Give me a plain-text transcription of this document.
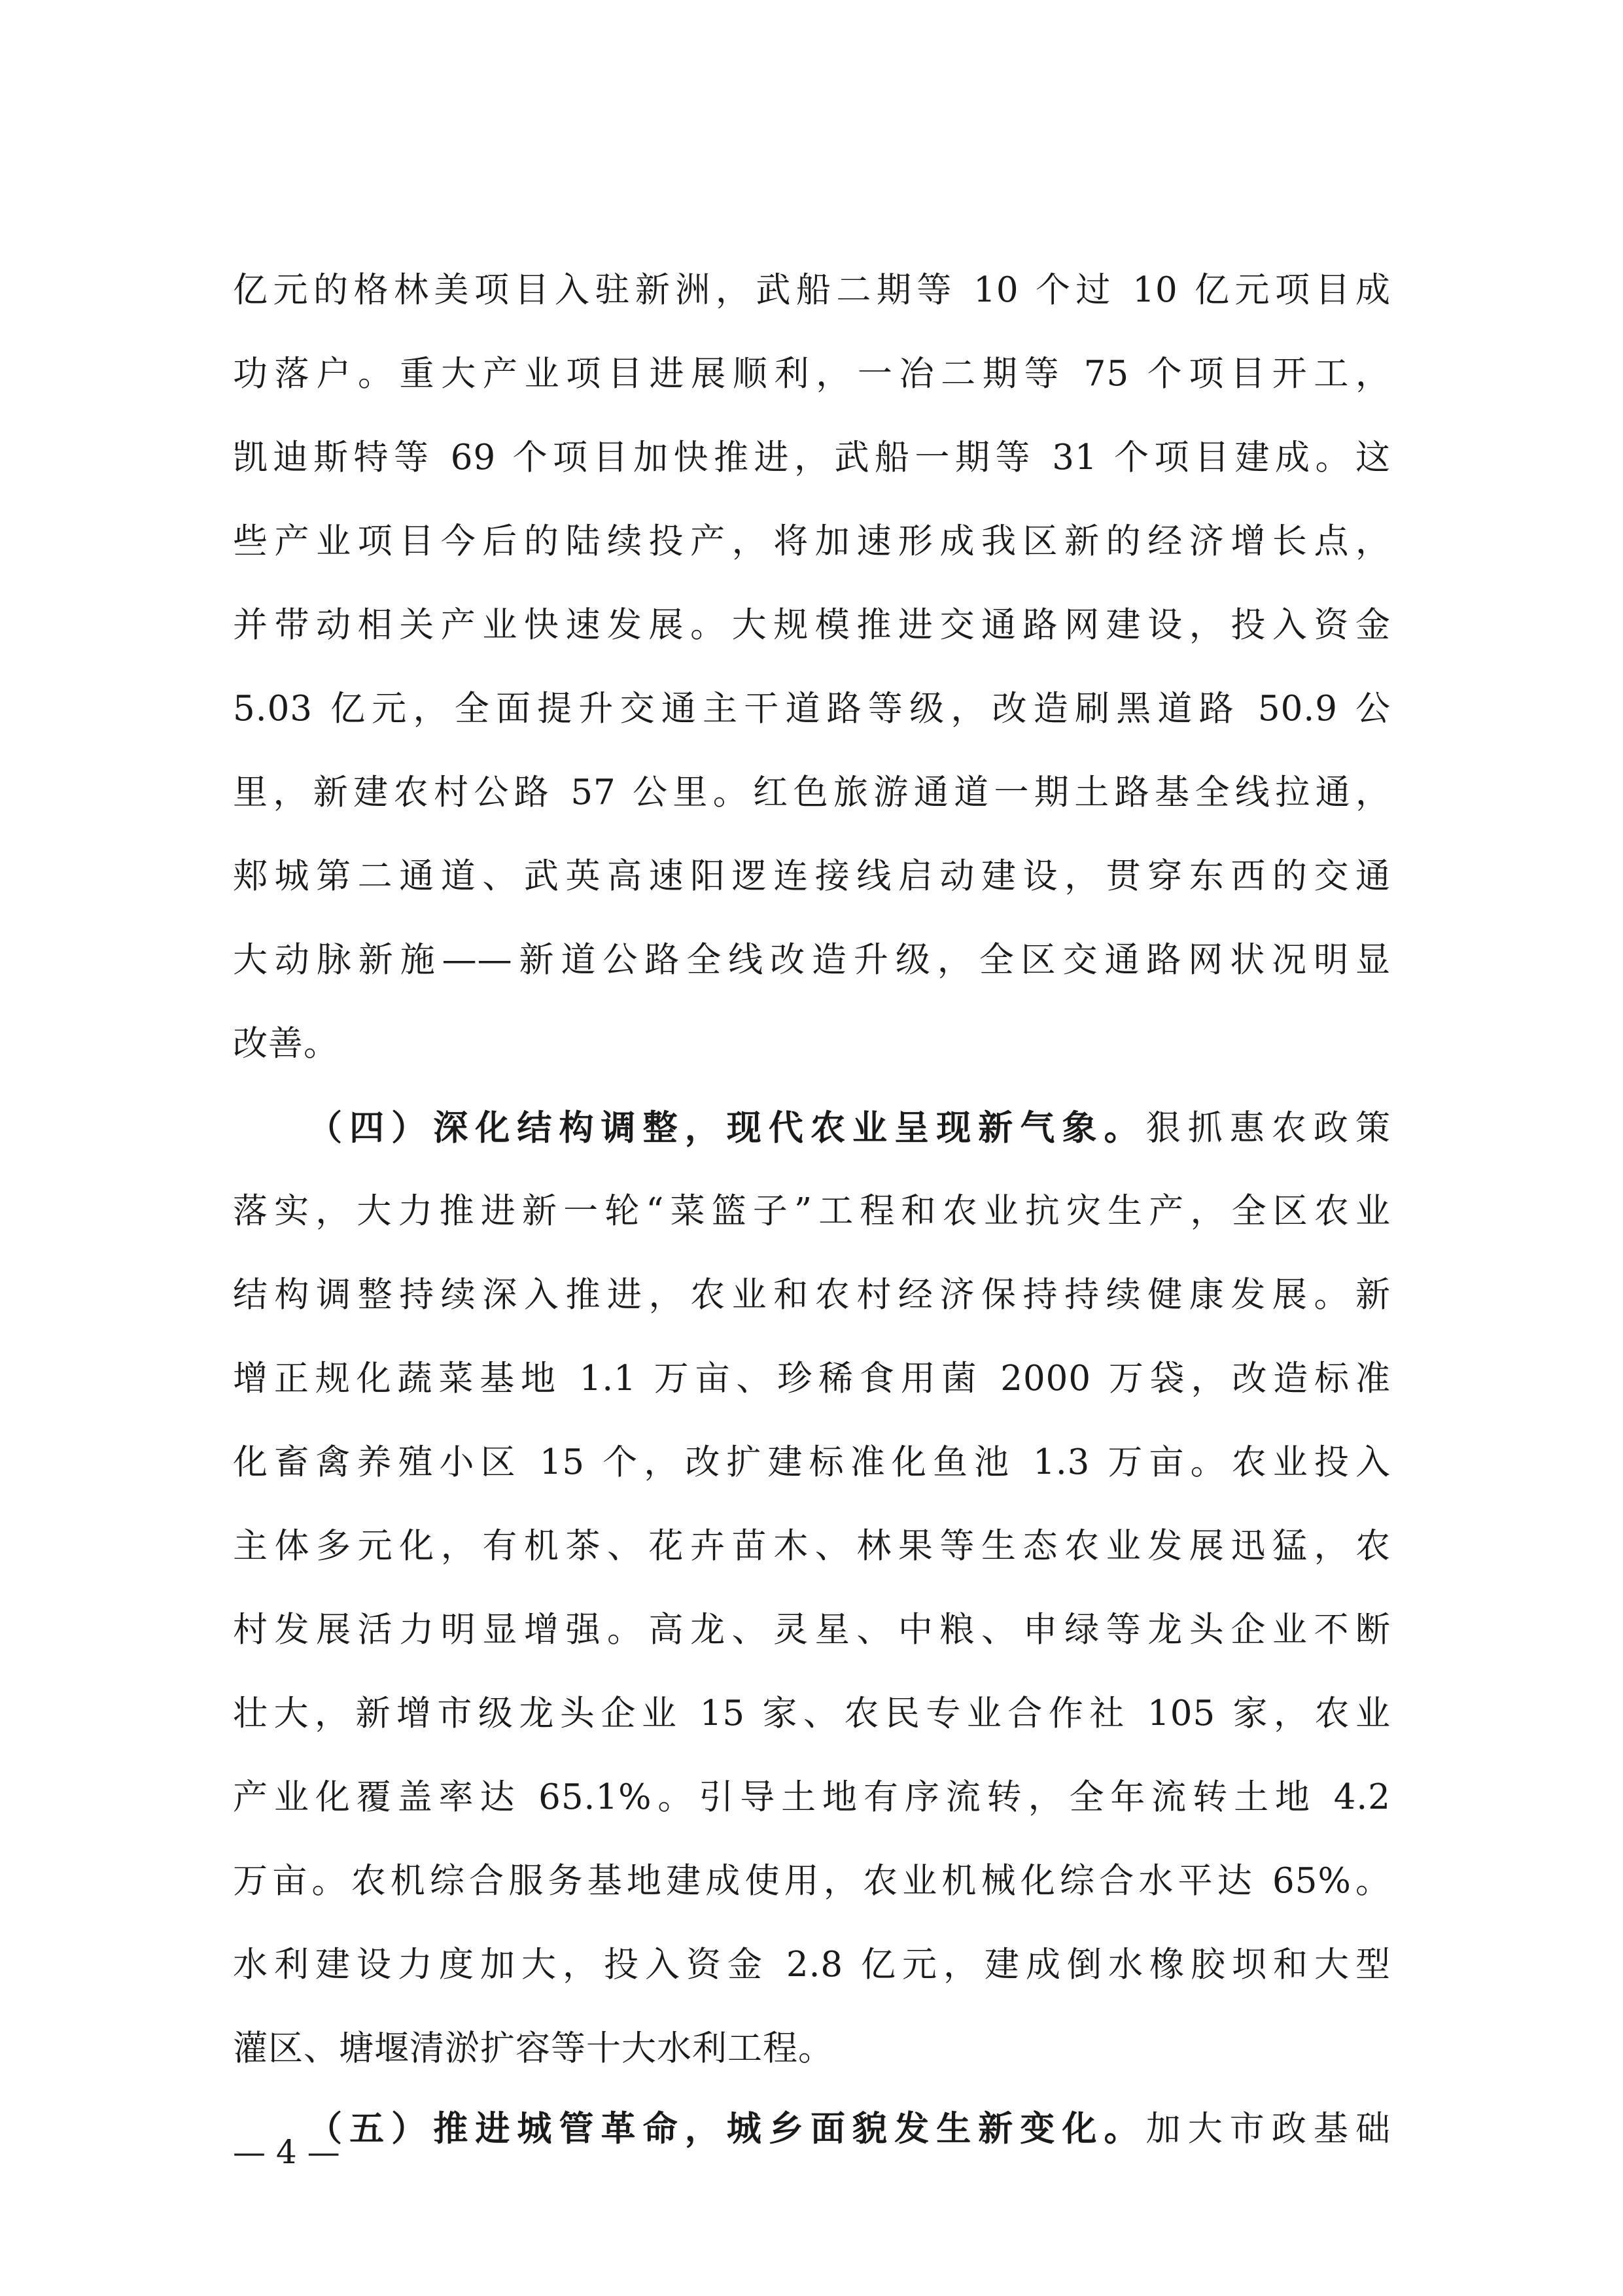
亿元的格林美项目入驻新洲，武船二期等 10 个过 10 亿元项目成
功落户。重大产业项目进展顺利，一冶二期等 75 个项目开工，
凯迪斯特等 69 个项目加快推进，武船一期等 31 个项目建成。这
些产业项目今后的陆续投产，将加速形成我区新的经济增长点，
并带动相关产业快速发展。大规模推进交通路网建设，投入资金
5.03 亿元，全面提升交通主干道路等级，改造刷黑道路 50.9 公
里，新建农村公路 57 公里。红色旅游通道一期土路基全线拉通，
郏城第二通道、武英高速阳逻连接线启动建设，贯穿东西的交通
大动脉新施——新道公路全线改造升级，全区交通路网状况明显
改善。
（四）深化结构调整，现代农业呈现新气象。狠抓惠农政策
落实，大力推进新一轮“菜篮子”工程和农业抗灾生产，全区农业
结构调整持续深入推进，农业和农村经济保持持续健康发展。新
增正规化蔬菜基地 1.1 万亩、珍稀食用菌 2000 万袋，改造标准
化畜禽养殖小区 15 个，改扩建标准化鱼池 1.3 万亩。农业投入
主体多元化，有机茶、花卉苗木、林果等生态农业发展迅猛，农
村发展活力明显增强。高龙、灵星、中粮、申绿等龙头企业不断
壮大，新增市级龙头企业 15 家、农民专业合作社 105 家，农业
产业化覆盖率达 65.1%。引导土地有序流转，全年流转土地 4.2
万亩。农机综合服务基地建成使用，农业机械化综合水平达 65%。
水利建设力度加大，投入资金 2.8 亿元，建成倒水橡胶坝和大型
灌区、塘堰清淤扩容等十大水利工程。
（五）推进城管革命，城乡面貌发生新变化。加大市政基础
— 4 —
